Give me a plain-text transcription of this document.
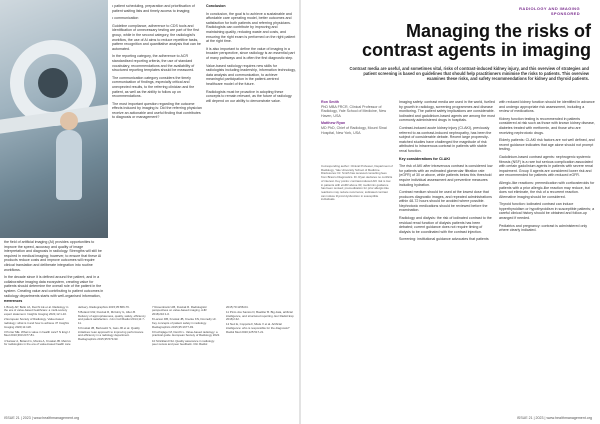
the field of artificial imaging (AI) provides opportunities to improve the speed, accuracy and quality of image interpretation and diagnosis in radiology. Strengths will still be required in medical imaging; however, to ensure that these AI products reduce costs and improve outcomes will require clinical translation and deliberate integration into routine workflows.

In the decade since it is defined around the patient, and in a collaborative imaging data ecosystem, creating value for patients should determine the overall role of the patient in the system. Creating value and contributing to patient outcomes in radiology departments starts with well-organised information,

• patient scheduling, preparation and prioritisation of patient waiting lists and timely access to imaging;

• communication

Guideline compliance, adherence to CDS tools and identification of unnecessary testing are part of the first group, while in the second category, the radiologist's workflow, the use of AI aims to reduce repetitive tasks, pattern recognition and quantitative analysis that can be automated.

In the reporting category, the adherence to ACR standardised reporting criteria, the use of standard vocabulary, recommendations and the availability of structured reporting templates should be measured.

The communication category considers the timely communication of findings, especially critical and unexpected results, to the referring clinician and the patient, as well as the ability to follow up on recommendations.

The most important question regarding the outcome effects induced by imaging is: Did the referring physician receive an actionable and useful finding that contributes to diagnosis or management?

Conclusion

In conclusion, the goal is to achieve a sustainable and affordable care operating model, better outcomes and satisfaction for both patients and referring physicians. Radiologists can contribute by improving and maintaining quality, reducing waste and costs, and ensuring the right exam is performed on the right patient at the right time.

It is also important to define the value of imaging in a broader perspective, since radiology is an essential part of many pathways and is often the first diagnostic step.

Value-based radiology requires new skills for radiologists including leadership, information technology, data analysis and communication, to achieve meaningful participation in the patient-centred healthcare model of the future.

Radiologists must be proactive in adopting these concepts to remain relevant, as the future of radiology will depend on our ability to demonstrate value.

References
1 Brady AP, Bello JA, Derchi LE et al. Radiology in the era of value-based healthcare: a multi-society expert statement. Insights Imaging 2021;12:1-10.
2 European Society of Radiology. Value-based radiology: what is it and how to achieve it? Insights Imaging 2020;11:118.
3 Porter ME. What is value in health care? N Engl J Med 2010;363:2477-81.
4 Sarwar A, Boland G, Monks A, Kruskal JB. Metrics for radiologists in the era of value-based health care delivery. Radiographics 2015;35:866-76.
5 Boland GW, Duszak R, McGinty G, Allen B. Delivery of appropriateness, quality, safety, efficiency and patient satisfaction. J Am Coll Radiol 2014;11:7-11.
6 Kruskal JB, Berkowitz S, Geis JR et al. Quality initiatives: lean approach to improving performance and efficiency in a radiology department. Radiographics 2015;35:573-93.
7 Rosenkrantz AB, Duszak R. Radiologists' perspectives on value-based imaging. AJR 2018;210:1-6.
8 Larson DB, Kruskal JB, Krecke KN, Donnelly LF. Key concepts of patient safety in radiology. Radiographics 2015;35:1677-93.
9 Fuchsjäger M, Derchi L. Value-based radiology: a practical guide. European Society of Radiology 2022.
10 Strickland NH. Quality assurance in radiology: peer review and peer feedback. Clin Radiol 2015;70:1158-64.
11 Pinto dos Santos D, Baeßler B. Big data, artificial intelligence, and structured reporting. Eur Radiol Exp 2018;2:42.
12 Neri E, Coppola F, Miele V et al. Artificial intelligence: who is responsible for the diagnosis? Radiol Med 2020;125:517-21.
ISSUE 21 | 2023 | www.healthmanagement.org
RADIOLOGY AND IMAGING
SPONSORED
Managing the risks of contrast agents in imaging
Contrast media are useful, and sometimes vital, risks of contrast-induced kidney injury, and this overview of strategies and patient screening is based on guidelines that should help practitioners minimise the risks to patients. This overview examines these risks, and safety recommendations for kidney and thyroid patients.
Ron Smith
PhD MBA FRCR, Clinical Professor of Radiology, Yale School of Medicine, New Haven, USA
Matthew Ryan
MD PhD, Chief of Radiology, Mount Sinai Hospital, New York, USA
Corresponding author: Clinical Professor, Department of Radiology, Yale University School of Medicine. Disclosures: Dr. Smith has received consulting fees from Bracco Diagnostics. Dr. Ryan declares no conflicts of interest. Key points: contrast-induced AKI risk is low in patients with eGFR above 30; metformin guidance has been revised; premedication for prior allergic-like reactions may reduce recurrence; iodinated contrast can induce thyroid dysfunction in susceptible individuals.

Imaging safety: contrast media are used in the world, fuelled by growth in radiology, screening programmes and disease monitoring. The patient safety implications are considerable. Iodinated and gadolinium-based agents are among the most commonly administered drugs in hospitals.

Contrast-induced acute kidney injury (CI-AKI), previously referred to as contrast-induced nephropathy, has been the subject of considerable debate. Recent large propensity-matched studies have challenged the magnitude of risk attributed to intravenous contrast in patients with stable renal function.

Key considerations for CI-AKI

The risk of AKI after intravenous contrast is considered low for patients with an estimated glomerular filtration rate (eGFR) of 30 or above, while patients below this threshold require individual assessment and preventive measures including hydration.

Contrast medium should be used at the lowest dose that produces diagnostic images, and repeated administrations within 48-72 hours should be avoided where possible. Nephrotoxic medications should be reviewed before the examination.

Radiology and dialysis: the risk of iodinated contrast to the residual renal function of dialysis patients has been debated; current guidance does not require timing of dialysis to be coordinated with the contrast injection.

Screening: institutional guidance advocates that patients

with reduced kidney function should be identified in advance and undergo appropriate risk assessment, including a review of medications.

Kidney function testing is recommended in patients considered at risk such as those with known kidney disease, diabetes treated with metformin, and those who are receiving nephrotoxic drugs.

Elderly patients: CI-AKI risk factors are not well defined, and recent guidance indicates that age alone should not prompt testing.

Gadolinium-based contrast agents: nephrogenic systemic fibrosis (NSF) is a rare but serious complication associated with certain gadolinium agents in patients with severe renal impairment. Group II agents are considered lower risk and are recommended for patients with reduced eGFR.

Allergic-like reactions: premedication with corticosteroids for patients with a prior allergic-like reaction may reduce, but does not eliminate, the risk of a recurrent reaction. Alternative imaging should be considered.

Thyroid function: iodinated contrast can induce hyperthyroidism or hypothyroidism in susceptible patients; a careful clinical history should be obtained and follow-up arranged if needed.

Pediatrics and pregnancy: contrast is administered only where clearly indicated.

ISSUE 21 | 2023 | www.healthmanagement.org
